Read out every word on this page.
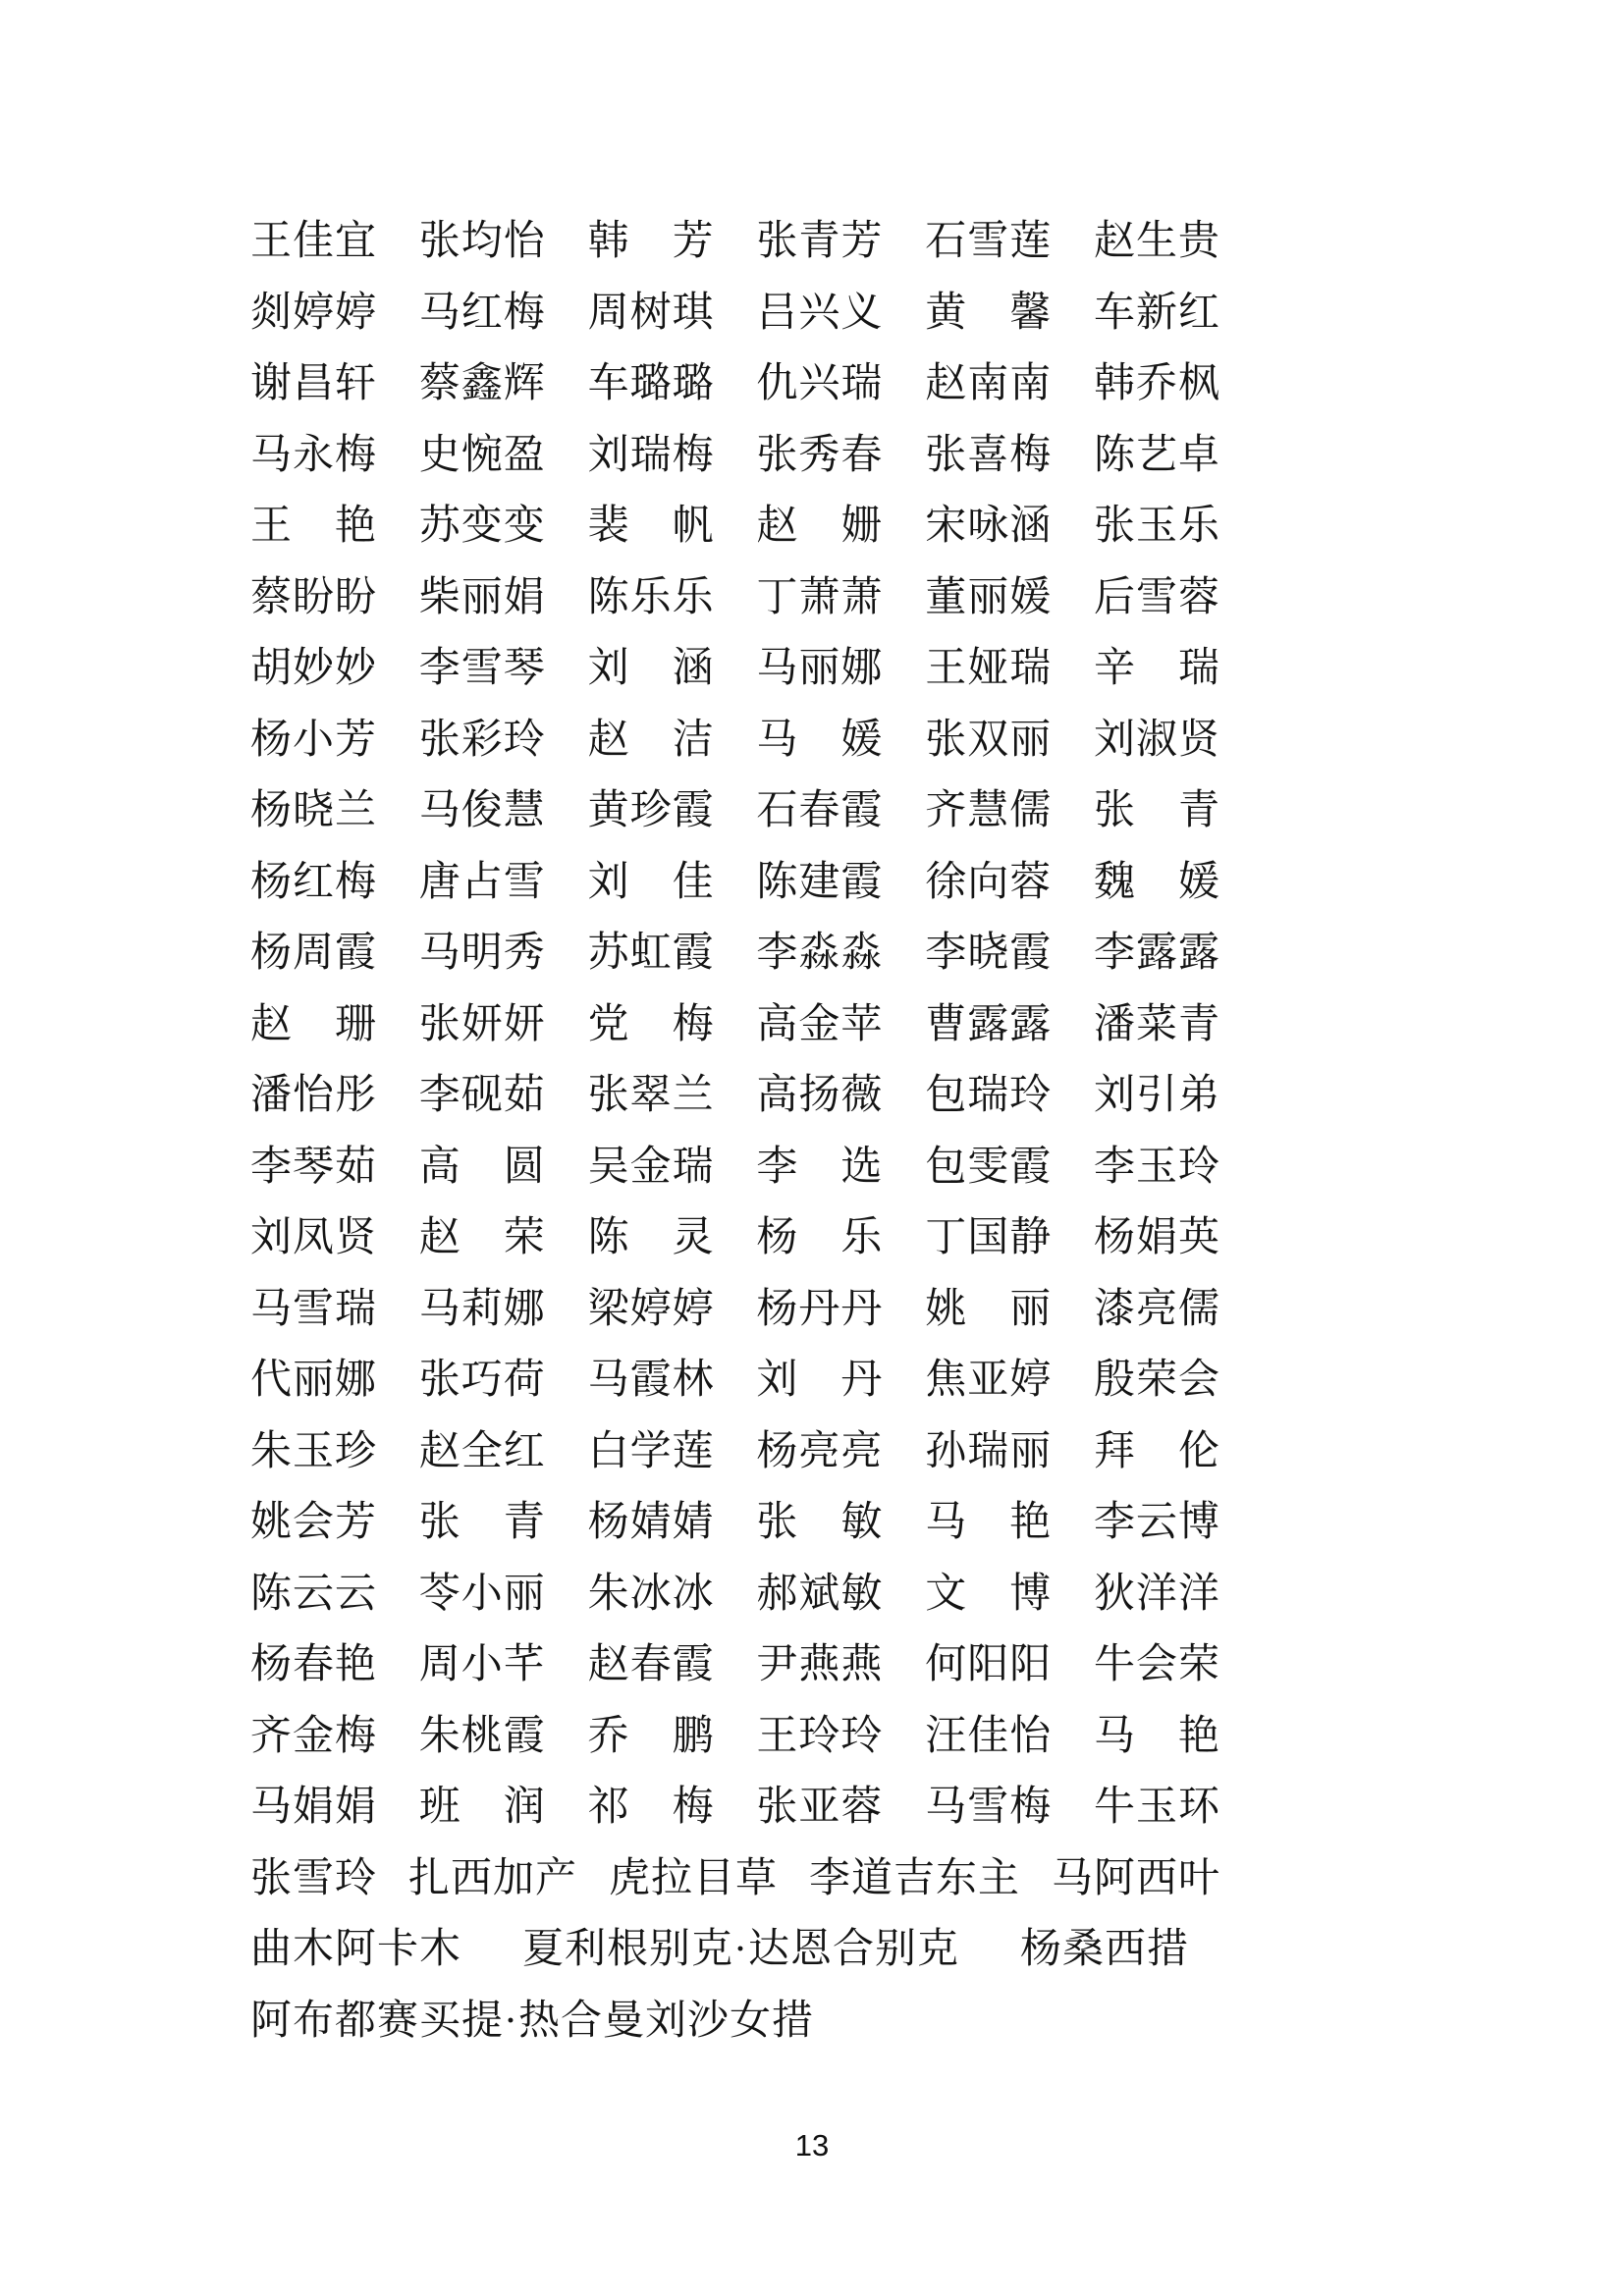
王佳宜 张均怡 韩　芳 张青芳 石雪莲 赵生贵
剡婷婷 马红梅 周树琪 吕兴义 黄　馨 车新红
谢昌轩 蔡鑫辉 车璐璐 仇兴瑞 赵南南 韩乔枫
马永梅 史惋盈 刘瑞梅 张秀春 张喜梅 陈艺卓
王　艳 苏变变 裴　帆 赵　姗 宋咏涵 张玉乐
蔡盼盼 柴丽娟 陈乐乐 丁萧萧 董丽媛 后雪蓉
胡妙妙 李雪琴 刘　涵 马丽娜 王娅瑞 辛　瑞
杨小芳 张彩玲 赵　洁 马　媛 张双丽 刘淑贤
杨晓兰 马俊慧 黄珍霞 石春霞 齐慧儒 张　青
杨红梅 唐占雪 刘　佳 陈建霞 徐向蓉 魏　媛
杨周霞 马明秀 苏虹霞 李淼淼 李晓霞 李露露
赵　珊 张妍妍 党　梅 高金苹 曹露露 潘菜青
潘怡彤 李砚茹 张翠兰 高扬薇 包瑞玲 刘引弟
李琴茹 高　圆 吴金瑞 李　选 包雯霞 李玉玲
刘凤贤 赵　荣 陈　灵 杨　乐 丁国静 杨娟英
马雪瑞 马莉娜 梁婷婷 杨丹丹 姚　丽 漆亮儒
代丽娜 张巧荷 马霞林 刘　丹 焦亚婷 殷荣会
朱玉珍 赵全红 白学莲 杨亮亮 孙瑞丽 拜　伦
姚会芳 张　青 杨婧婧 张　敏 马　艳 李云博
陈云云 苓小丽 朱冰冰 郝斌敏 文　博 狄洋洋
杨春艳 周小芊 赵春霞 尹燕燕 何阳阳 牛会荣
齐金梅 朱桃霞 乔　鹏 王玲玲 汪佳怡 马　艳
马娟娟 班　润 祁　梅 张亚蓉 马雪梅 牛玉环
张雪玲 扎西加产 虎拉目草 李道吉东主 马阿西叶
曲木阿卡木 夏利根别克·达恩合别克 杨桑西措
阿布都赛买提·热合曼刘沙女措
13
